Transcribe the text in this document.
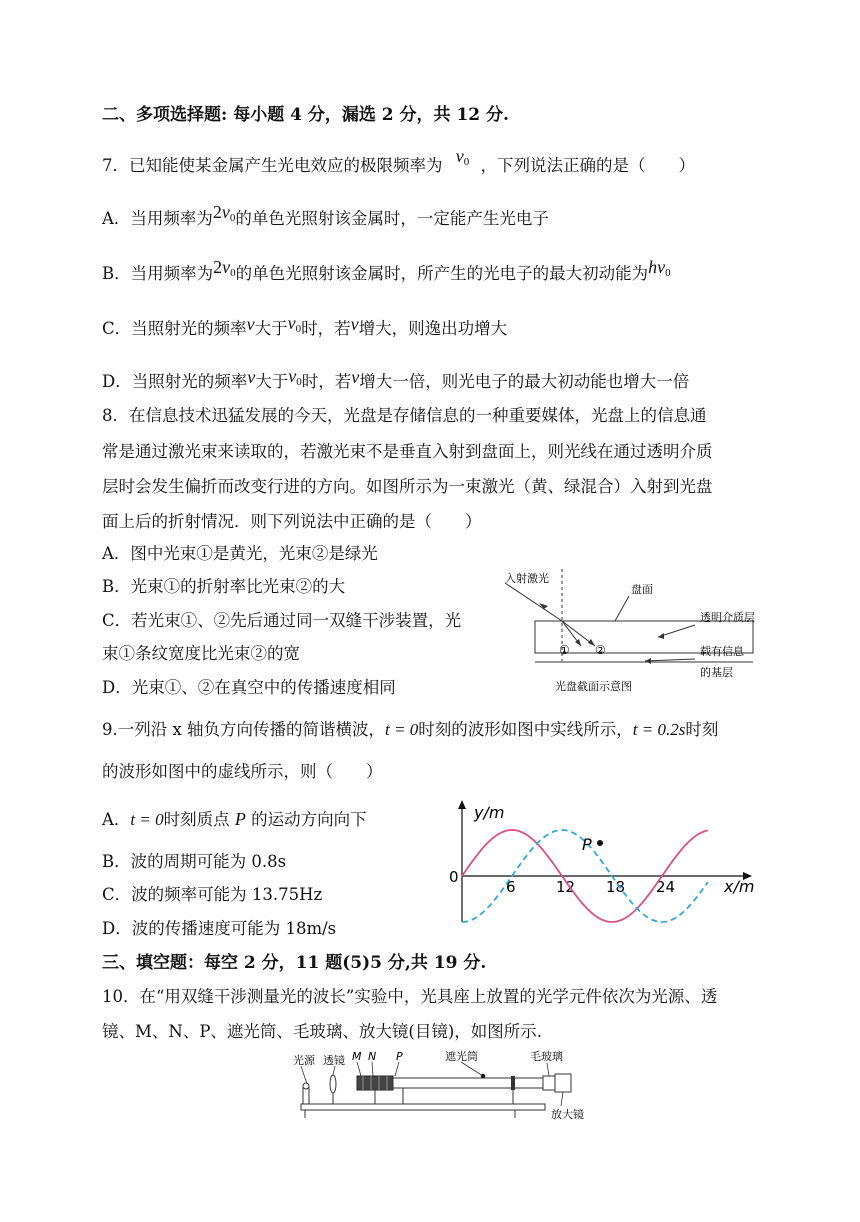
二、多项选择题: 每小题 4 分，漏选 2 分，共 12 分.
7．已知能使某金属产生光电效应的极限频率为 $v_0$ ，下列说法正确的是（　　）
A．当用频率为$2v_0$的单色光照射该金属时，一定能产生光电子
B．当用频率为$2v_0$的单色光照射该金属时，所产生的光电子的最大初动能为$hv_0$
C．当照射光的频率ν大于$v_0$时，若ν增大，则逸出功增大
D．当照射光的频率ν大于$v_0$时，若ν增大一倍，则光电子的最大初动能也增大一倍
8．在信息技术迅猛发展的今天，光盘是存储信息的一种重要媒体，光盘上的信息通
常是通过激光束来读取的，若激光束不是垂直入射到盘面上，则光线在通过透明介质
层时会发生偏折而改变行进的方向。如图所示为一束激光（黄、绿混合）入射到光盘
面上后的折射情况．则下列说法中正确的是（　　）
A．图中光束①是黄光，光束②是绿光
B．光束①的折射率比光束②的大
C．若光束①、②先后通过同一双缝干涉装置，光
束①条纹宽度比光束②的宽
D．光束①、②在真空中的传播速度相同
① ②
入射激光
盘面
透明介质层
载有信息
的基层
光盘截面示意图
9.一列沿 x 轴负方向传播的简谐横波，t = 0时刻的波形如图中实线所示，t = 0.2s时刻
的波形如图中的虚线所示，则（　　）
A．t = 0时刻质点 P 的运动方向向下
B．波的周期可能为 0.8s
C．波的频率可能为 13.75Hz
D．波的传播速度可能为 18m/s
y/m
x/m
0
6	12 18 24
P
三、填空题：每空 2 分，11 题(5)5 分,共 19 分.
10．在“用双缝干涉测量光的波长”实验中，光具座上放置的光学元件依次为光源、透
镜、M、N、P、遮光筒、毛玻璃、放大镜(目镜)，如图所示.
光源 透镜 M N P	遮光筒	毛玻璃
放大镜
